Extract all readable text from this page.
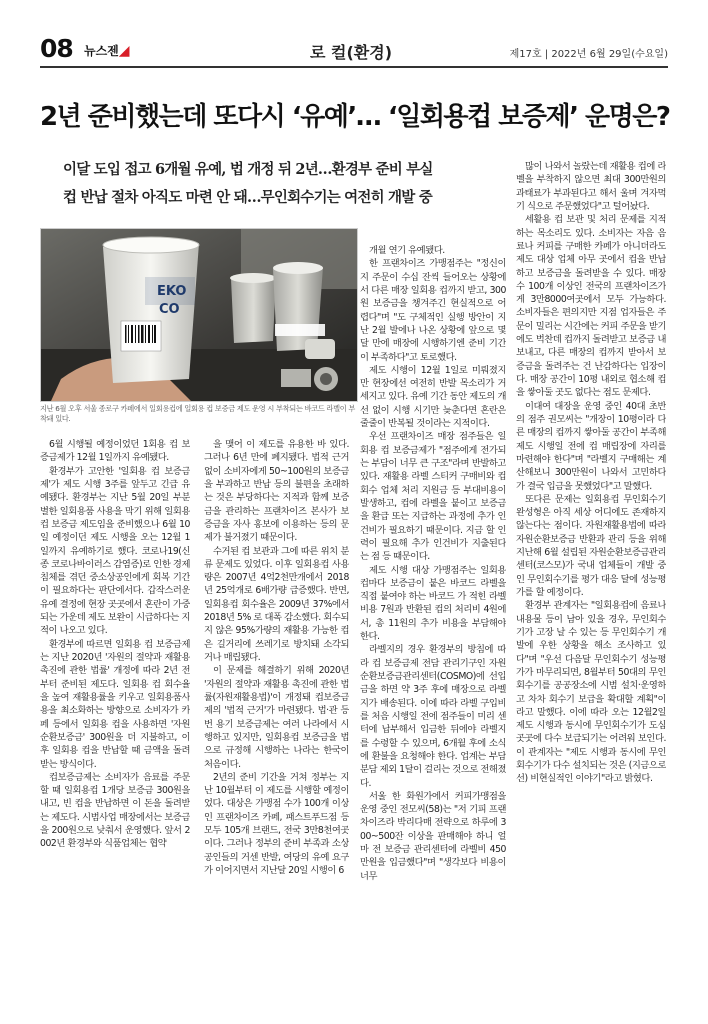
08 뉴스젠◢	로 컬(환경)	제17호 | 2022년 6월 29일(수요일)
2년 준비했는데 또다시 ‘유예’… ‘일회용컵 보증제’ 운명은?
이달 도입 접고 6개월 유예, 법 개정 뒤 2년…환경부 준비 부실
컵 반납 절차 아직도 마련 안 돼…무인회수기는 여전히 개발 중
EKO
CO
지난 6월 오후 서울 종로구 카페에서 일회용컵에 일회용 컵 보증금 제도 운영 시 부착되는 바코드 라벨이 부착돼 있다.

6월 시행될 예정이었던 1회용 컵 보증금제가 12월 1일까지 유예됐다.

환경부가 고안한 '일회용 컵 보증금제'가 제도 시행 3주를 앞두고 긴급 유예됐다. 환경부는 지난 5월 20일 부분별한 일회용품 사용을 막기 위해 일회용 컵 보증금 제도임을 준비했으나 6월 10일 예정이던 제도 시행을 오는 12월 1일까지 유예하기로 했다. 코로나19(신종 코로나바이러스 감염증)로 인한 경제 침체를 겪던 중소상공인에게 회복 기간이 필요하다는 판단에서다. 갑작스러운 유예 결정에 현장 곳곳에서 혼란이 가중되는 가운데 제도 보완이 시급하다는 지적이 나오고 있다.

환경부에 따르면 일회용 컵 보증금제는 지난 2020년 '자원의 절약과 재활용촉진에 관한 법률' 개정에 따라 2년 전부터 준비된 제도다. 일회용 컵 회수율을 높여 재활용률을 키우고 일회용품사용을 최소화하는 방향으로 소비자가 카페 등에서 일회용 컵을 사용하면 '자원순환보증금' 300원을 더 지불하고, 이후 일회용 컵을 반납할 때 금액을 돌려받는 방식이다.

컵보증금제는 소비자가 음료를 주문할 때 일회용컵 1개당 보증금 300원을 내고, 빈 컵을 반납하면 이 돈을 돌려받는 제도다. 시범사업 매장에서는 보증금을 200원으로 낮춰서 운영했다. 앞서 2002년 환경부와 식품업체는 협약

을 맺어 이 제도를 유용한 바 있다. 그러나 6년 만에 폐지됐다. 법적 근거 없이 소비자에게 50~100원의 보증금을 부과하고 반납 등의 불편을 초래하는 것은 부당하다는 지적과 함께 보증금을 관리하는 프랜차이즈 본사가 보증금을 자사 홍보에 이용하는 등의 문제가 불거졌기 때문이다.

수거된 컵 보관과 그에 따른 위치 분류 문제도 있었다. 이후 일회용컵 사용량은 2007년 4억2천만개에서 2018년 25억개로 6배가량 급증했다. 반면, 일회용컵 회수율은 2009년 37%에서 2018년 5% 로 대폭 감소했다. 회수되지 않은 95%가량의 재활용 가능한 컵은 길거리에 쓰레기로 방치돼 소각되거나 매립됐다.

이 문제를 해결하기 위해 2020년 '자원의 절약과 재활용 촉진에 관한 법률(자원재활용법)'이 개정돼 컵보증금제의 '법적 근거'가 마련됐다. 법·관 등 번 용기 보증금제는 여러 나라에서 시행하고 있지만, 일회용컵 보증금을 법으로 규정해 시행하는 나라는 한국이 처음이다.

2년의 준비 기간을 거쳐 정부는 지난 10월부터 이 제도를 시행할 예정이었다. 대상은 가맹점 수가 100개 이상인 프랜차이즈 카페, 패스트푸드점 등 모두 105개 브랜드, 전국 3만8천여곳이다. 그러나 정부의 준비 부족과 소상공인들의 거센 반발, 여당의 유예 요구가 이어지면서 지난달 20일 시행이 6

개월 연기 유예됐다.

한 프랜차이즈 가맹점주는 "정신이 지 주문이 수십 잔씩 들어오는 상황에서 다른 매장 일회용 컵까지 받고, 300원 보증금을 챙겨주긴 현실적으로 어렵다"며 "도 구체적인 실행 방안이 지난 2월 발에나 나온 상황에 앞으로 몇 달 만에 매장에 시행하기엔 준비 기간이 부족하다"고 토로했다.

제도 시행이 12월 1일로 미뤄졌지만 현장에선 여전히 반발 목소리가 거세지고 있다. 유예 기간 동안 제도의 개선 없이 시행 시기만 늦춘다면 혼란은 줄줄이 반복될 것이라는 지적이다.

우선 프랜차이즈 매장 점주들은 일회용 컵 보증금제가 "점주에게 전가되는 부담이 너무 큰 구조"라며 반발하고 있다. 재활용 라벨 스티커 구매비와 컵 회수 업체 처리 지원금 등 부대비용이 발생하고, 컵에 라벨을 붙이고 보증금을 환급 또는 지급하는 과정에 추가 인건비가 필요하기 때문이다. 지금 할 인력이 필요해 추가 인건비가 지출된다는 점 등 때문이다.

제도 시행 대상 가맹점주는 일회용 컵마다 보증금이 붙은 바코드 라벨을 직접 붙여야 하는 바코드 가 적힌 라벨 비용 7원과 반환된 컵의 처리비 4원에서, 총 11원의 추가 비용을 부담해야 한다.

라벨지의 경우 환경부의 방침에 따라 컵 보증금제 전담 관리기구인 자원순환보증금관리센터(COSMO)에 선입금을 하면 약 3주 후에 매장으로 라벨지가 배송된다. 이에 따라 라벨 구입비를 처음 시행일 전에 점주들이 미리 센터에 납부해서 입금한 뒤에야 라벨지를 수령할 수 있으며, 6개월 후에 소식에 환불을 요청해야 한다. 업계는 부담 분담 제외 1달이 걸리는 것으로 전해졌다.

서울 한 화원가에서 커피가맹점을 운영 중인 전모씨(58)는 "저 기피 프랜차이즈라 박리다매 전략으로 하루에 300~500잔 이상을 판매해야 하니 얼마 전 보증금 관리센터에 라벨비 450만원을 입금했다"며 "생각보다 비용이 너무

많이 나와서 놀랐는데 재활용 컵에 라벨을 부착하지 않으면 최대 300만원의 과태료가 부과된다고 해서 울며 겨자먹기 식으로 주문했었다"고 털어놨다.

세활용 컵 보관 및 처리 문제를 지적하는 목소리도 있다. 소비자는 자음 음료나 커피를 구매한 카페가 아니더라도 제도 대상 업체 아무 곳에서 컵을 반납하고 보증금을 돌려받을 수 있다. 매장 수 100개 이상인 전국의 프랜차이즈가게 3만8000여곳에서 모두 가능하다. 소비자들은 편의지만 지점 업자들은 주문이 밀리는 시간에는 커피 주문을 받기에도 벅찬데 컵까지 돌려받고 보증금 내보내고, 다른 매장의 컵까지 받아서 보증금을 돌려주는 건 난감하다는 입장이다. 매장 공간이 10평 내외로 협소해 컵을 쌓아둘 곳도 없다는 점도 문제다.

이대여 대장을 운영 중인 40대 초반의 점주 권모씨는 "개장이 10평이라 다른 매장의 컵까지 쌓아둘 공간이 부족해 제도 시행일 전에 컵 매립장에 자리를 마련해야 한다"며 "라벨지 구매해는 계산해보니 300만원이 나와서 고민하다가 결국 입금을 못했었다"고 말했다.

또다른 문제는 일회용컵 무인회수기 완성형은 아직 세상 어디에도 존재하지 않는다는 점이다. 자원재활용법에 따라 자원순환보증금 반환과 관리 등을 위해 지난해 6월 설립된 자원순환보증금관리센터(코스모)가 국내 업체들이 개발 중인 무인회수기를 평가 대응 달에 성능평가를 할 예정이다.

환경부 관계자는 "일회용컵에 음료나 내용물 등이 남아 있을 경우, 무인회수기가 고장 날 수 있는 등 무인회수기 개발에 우한 상황을 해소 조사하고 있다"며 "우선 다음달 무인회수기 성능평가가 마무리되면, 8월부터 50대의 무인회수기를 공공장소에 시범 설치·운영하고 차차 회수기 보급을 확대할 계획"이라고 말했다. 이에 따라 오는 12월2일 제도 시행과 동시에 무인회수기가 도심 곳곳에 다수 보급되기는 어려워 보인다. 이 관계자는 "제도 시행과 동시에 무인회수기가 다수 설치되는 것은 (지금으로선) 비현실적인 이야기"라고 밝혔다.
